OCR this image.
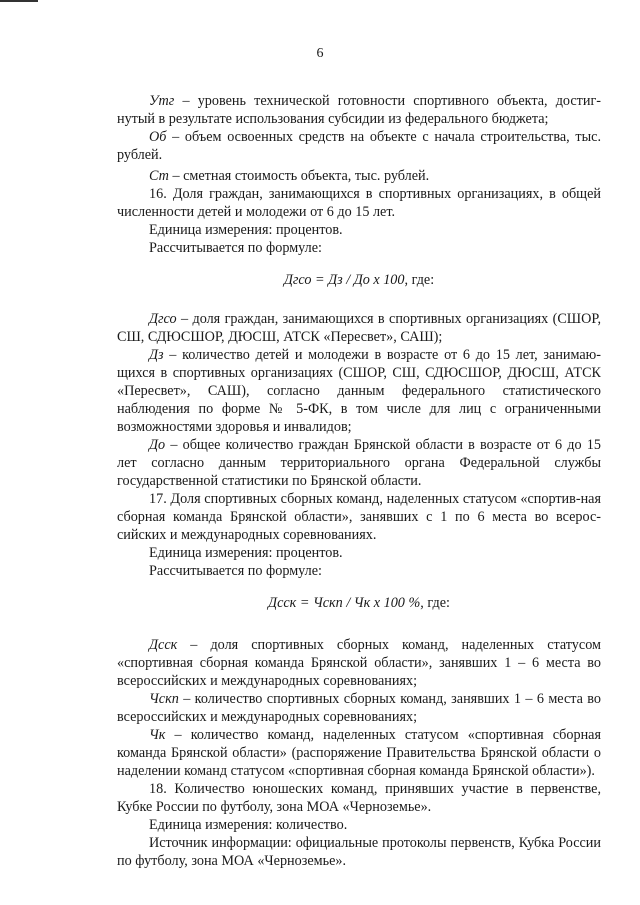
6

Утг – уровень технической готовности спортивного объекта, достиг-нутый в результате использования субсидии из федерального бюджета;

Об – объем освоенных средств на объекте с начала строительства, тыс. рублей.

Ст – сметная стоимость объекта, тыс. рублей.

16. Доля граждан, занимающихся в спортивных организациях, в общей численности детей и молодежи от 6 до 15 лет.

Единица измерения: процентов.

Рассчитывается по формуле:

Дгсо = Дз / До x 100, где:

Дгсо – доля граждан, занимающихся в спортивных организациях (СШОР, СШ, СДЮСШОР, ДЮСШ, АТСК «Пересвет», САШ);

Дз – количество детей и молодежи в возрасте от 6 до 15 лет, занимаю-щихся в спортивных организациях (СШОР, СШ, СДЮСШОР, ДЮСШ, АТСК «Пересвет», САШ), согласно данным федерального статистического наблюдения по форме № 5-ФК, в том числе для лиц с ограниченными возможностями здоровья и инвалидов;

До – общее количество граждан Брянской области в возрасте от 6 до 15 лет согласно данным территориального органа Федеральной службы государственной статистики по Брянской области.

17. Доля спортивных сборных команд, наделенных статусом «спортив-ная сборная команда Брянской области», занявших с 1 по 6 места во всерос-сийских и международных соревнованиях.

Единица измерения: процентов.

Рассчитывается по формуле:

Дсск = Чскп / Чк x 100 %, где:

Дсск – доля спортивных сборных команд, наделенных статусом «спортивная сборная команда Брянской области», занявших 1 – 6 места во всероссийских и международных соревнованиях;

Чскп – количество спортивных сборных команд, занявших 1 – 6 места во всероссийских и международных соревнованиях;

Чк – количество команд, наделенных статусом «спортивная сборная команда Брянской области» (распоряжение Правительства Брянской области о наделении команд статусом «спортивная сборная команда Брянской области»).

18. Количество юношеских команд, принявших участие в первенстве, Кубке России по футболу, зона МОА «Черноземье».

Единица измерения: количество.

Источник информации: официальные протоколы первенств, Кубка России по футболу, зона МОА «Черноземье».
